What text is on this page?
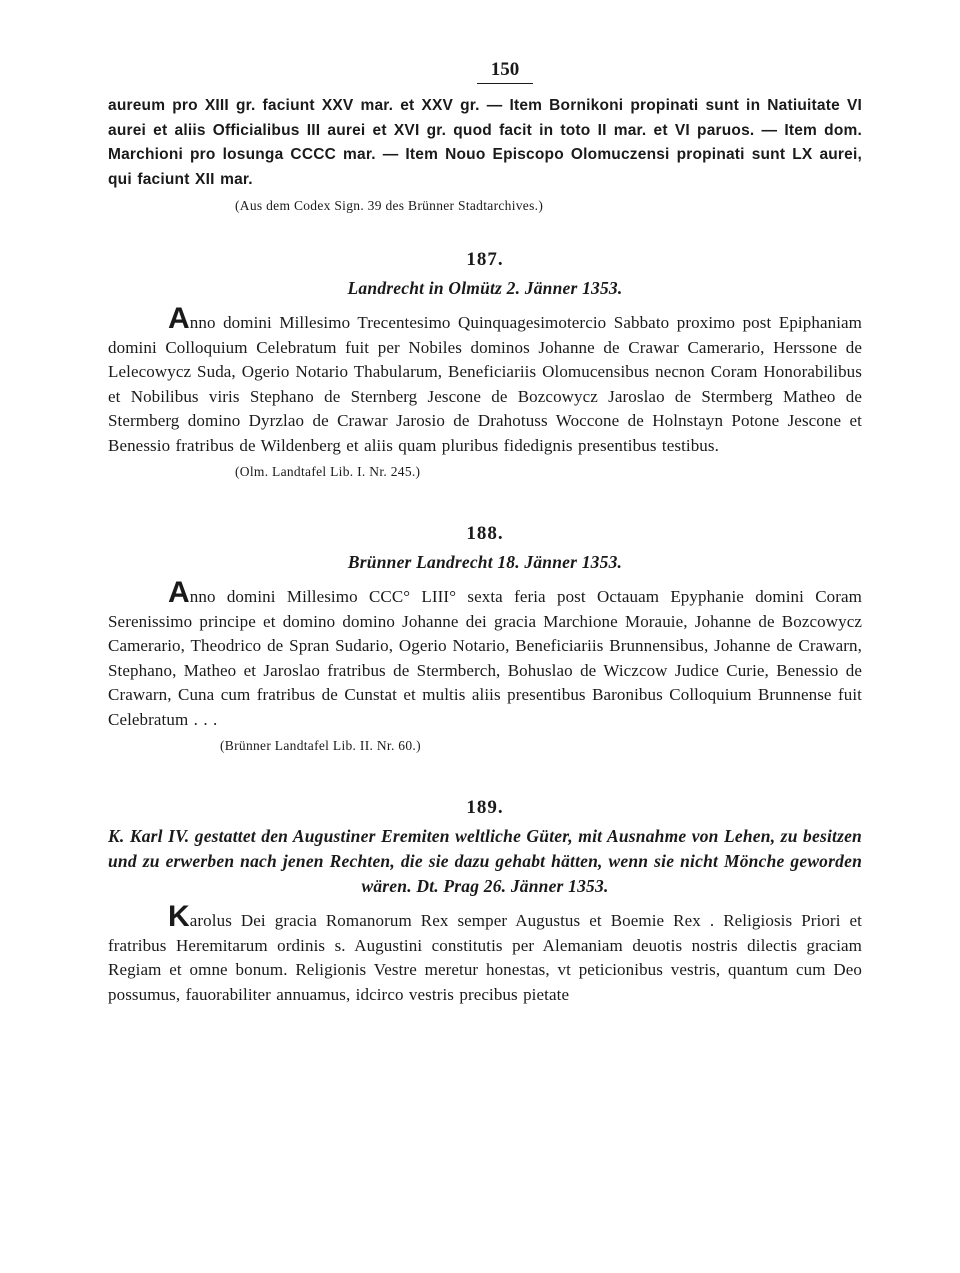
150

aureum pro XIII gr. faciunt XXV mar. et XXV gr. — Item Bornikoni propinati sunt in Natiuitate VI aurei et aliis Officialibus III aurei et XVI gr. quod facit in toto II mar. et VI paruos. — Item dom. Marchioni pro losunga CCCC mar. — Item Nouo Episcopo Olomuczensi propinati sunt LX aurei, qui faciunt XII mar.

(Aus dem Codex Sign. 39 des Brünner Stadtarchives.)

187.
Landrecht in Olmütz 2. Jänner 1353.

Anno domini Millesimo Trecentesimo Quinquagesimotercio Sabbato proximo post Epiphaniam domini Colloquium Celebratum fuit per Nobiles dominos Johanne de Crawar Camerario, Herssone de Lelecowycz Suda, Ogerio Notario Thabularum, Beneficiariis Olomucensibus necnon Coram Honorabilibus et Nobilibus viris Stephano de Sternberg Jescone de Bozcowycz Jaroslao de Stermberg Matheo de Stermberg domino Dyrzlao de Crawar Jarosio de Drahotuss Woccone de Holnstayn Potone Jescone et Benessio fratribus de Wildenberg et aliis quam pluribus fidedignis presentibus testibus.

(Olm. Landtafel Lib. I. Nr. 245.)

188.
Brünner Landrecht 18. Jänner 1353.

Anno domini Millesimo CCC° LIII° sexta feria post Octauam Epyphanie domini Coram Serenissimo principe et domino domino Johanne dei gracia Marchione Morauie, Johanne de Bozcowycz Camerario, Theodrico de Spran Sudario, Ogerio Notario, Beneficiariis Brunnensibus, Johanne de Crawarn, Stephano, Matheo et Jaroslao fratribus de Stermberch, Bohuslao de Wiczcow Judice Curie, Benessio de Crawarn, Cuna cum fratribus de Cunstat et multis aliis presentibus Baronibus Colloquium Brunnense fuit Celebratum . . .

(Brünner Landtafel Lib. II. Nr. 60.)

189.
K. Karl IV. gestattet den Augustiner Eremiten weltliche Güter, mit Ausnahme von Lehen, zu besitzen und zu erwerben nach jenen Rechten, die sie dazu gehabt hätten, wenn sie nicht Mönche geworden wären. Dt. Prag 26. Jänner 1353.

Karolus Dei gracia Romanorum Rex semper Augustus et Boemie Rex . Religiosis Priori et fratribus Heremitarum ordinis s. Augustini constitutis per Alemaniam deuotis nostris dilectis graciam Regiam et omne bonum. Religionis Vestre meretur honestas, vt peticionibus vestris, quantum cum Deo possumus, fauorabiliter annuamus, idcirco vestris precibus pietate
